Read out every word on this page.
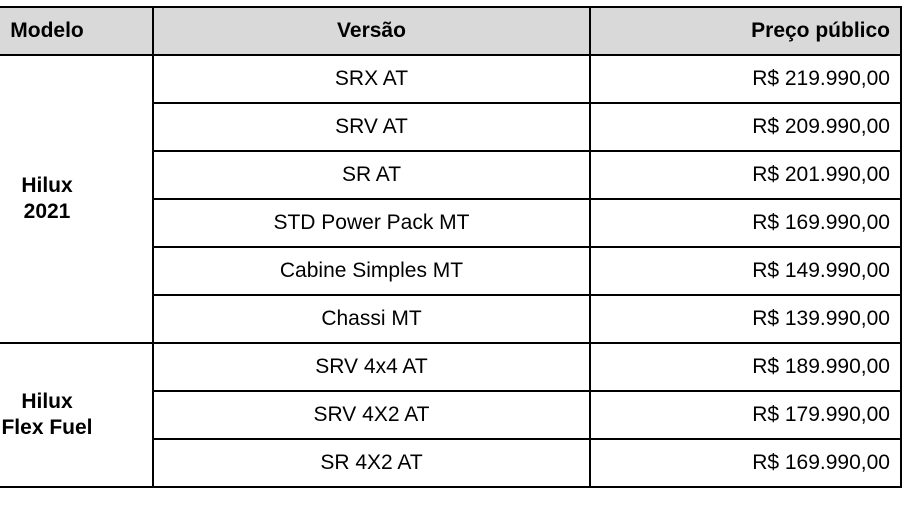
Modelo	Versão	Preço público

Hilux
2021	SRX AT	R$ 219.990,00
	SRV AT	R$ 209.990,00
	SR AT	R$ 201.990,00
	STD Power Pack MT	R$ 169.990,00
	Cabine Simples MT	R$ 149.990,00
	Chassi MT	R$ 139.990,00

Hilux
Flex Fuel	SRV 4x4 AT	R$ 189.990,00
	SRV 4X2 AT	R$ 179.990,00
	SR 4X2 AT	R$ 169.990,00
